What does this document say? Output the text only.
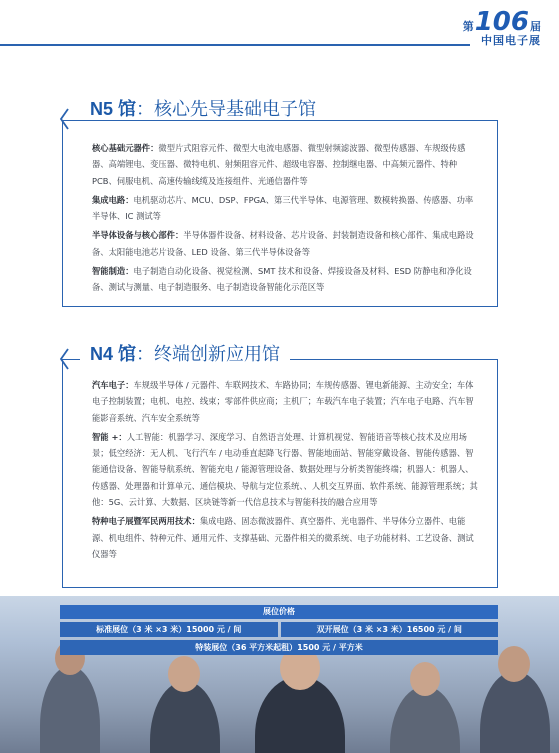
第 106 届
中国电子展
N5 馆：核心先导基础电子馆

核心基础元器件：微型片式阻容元件、微型大电流电感器、微型射频滤波器、微型传感器、车规级传感器、高端锂电、变压器、微特电机、射频阻容元件、超级电容器、控制继电器、中高频元器件、特种 PCB、伺服电机、高速传输线缆及连接组件、光通信器件等

集成电路：电机驱动芯片、MCU、DSP、FPGA、第三代半导体、电源管理、数模转换器、传感器、功率半导体、IC 测试等

半导体设备与核心部件：半导体器件设备、材料设备、芯片设备、封装制造设备和核心部件、集成电路设备、太阳能电池芯片设备、LED 设备、第三代半导体设备等

智能制造：电子制造自动化设备、视觉检测、SMT 技术和设备、焊接设备及材料、ESD 防静电和净化设备、测试与测量、电子制造服务、电子制造设备智能化示范区等

N4 馆：终端创新应用馆

汽车电子：车规级半导体 / 元器件、车联网技术、车路协同；车规传感器、锂电新能源、主动安全；车体电子控制装置；电机、电控、线束；零部件供应商；主机厂；车载汽车电子装置；汽车电子电路、汽车智能影音系统、汽车安全系统等

智能 +：人工智能：机器学习、深度学习、自然语言处理、计算机视觉、智能语音等核心技术及应用场景；低空经济：无人机、飞行汽车 / 电动垂直起降飞行器、智能地面站、智能穿戴设备、智能传感器、智能通信设备、智能导航系统、智能充电 / 能源管理设备、数据处理与分析类智能终端；机器人：机器人、传感器、处理器和计算单元、通信模块、导航与定位系统、、人机交互界面、软件系统、能源管理系统；其他：5G、云计算、大数据、区块链等新一代信息技术与智能科技的融合应用等

特种电子展暨军民两用技术：集成电路、固态微波器件、真空器件、光电器件、半导体分立器件、电能源、机电组件、特种元件、通用元件、支撑基础、元器件相关的微系统、电子功能材料、工艺设备、测试仪器等

展位价格
标准展位（3 米 ×3 米）15000 元 / 间	双开展位（3 米 ×3 米）16500 元 / 间
特装展位（36 平方米起租）1500 元 / 平方米
